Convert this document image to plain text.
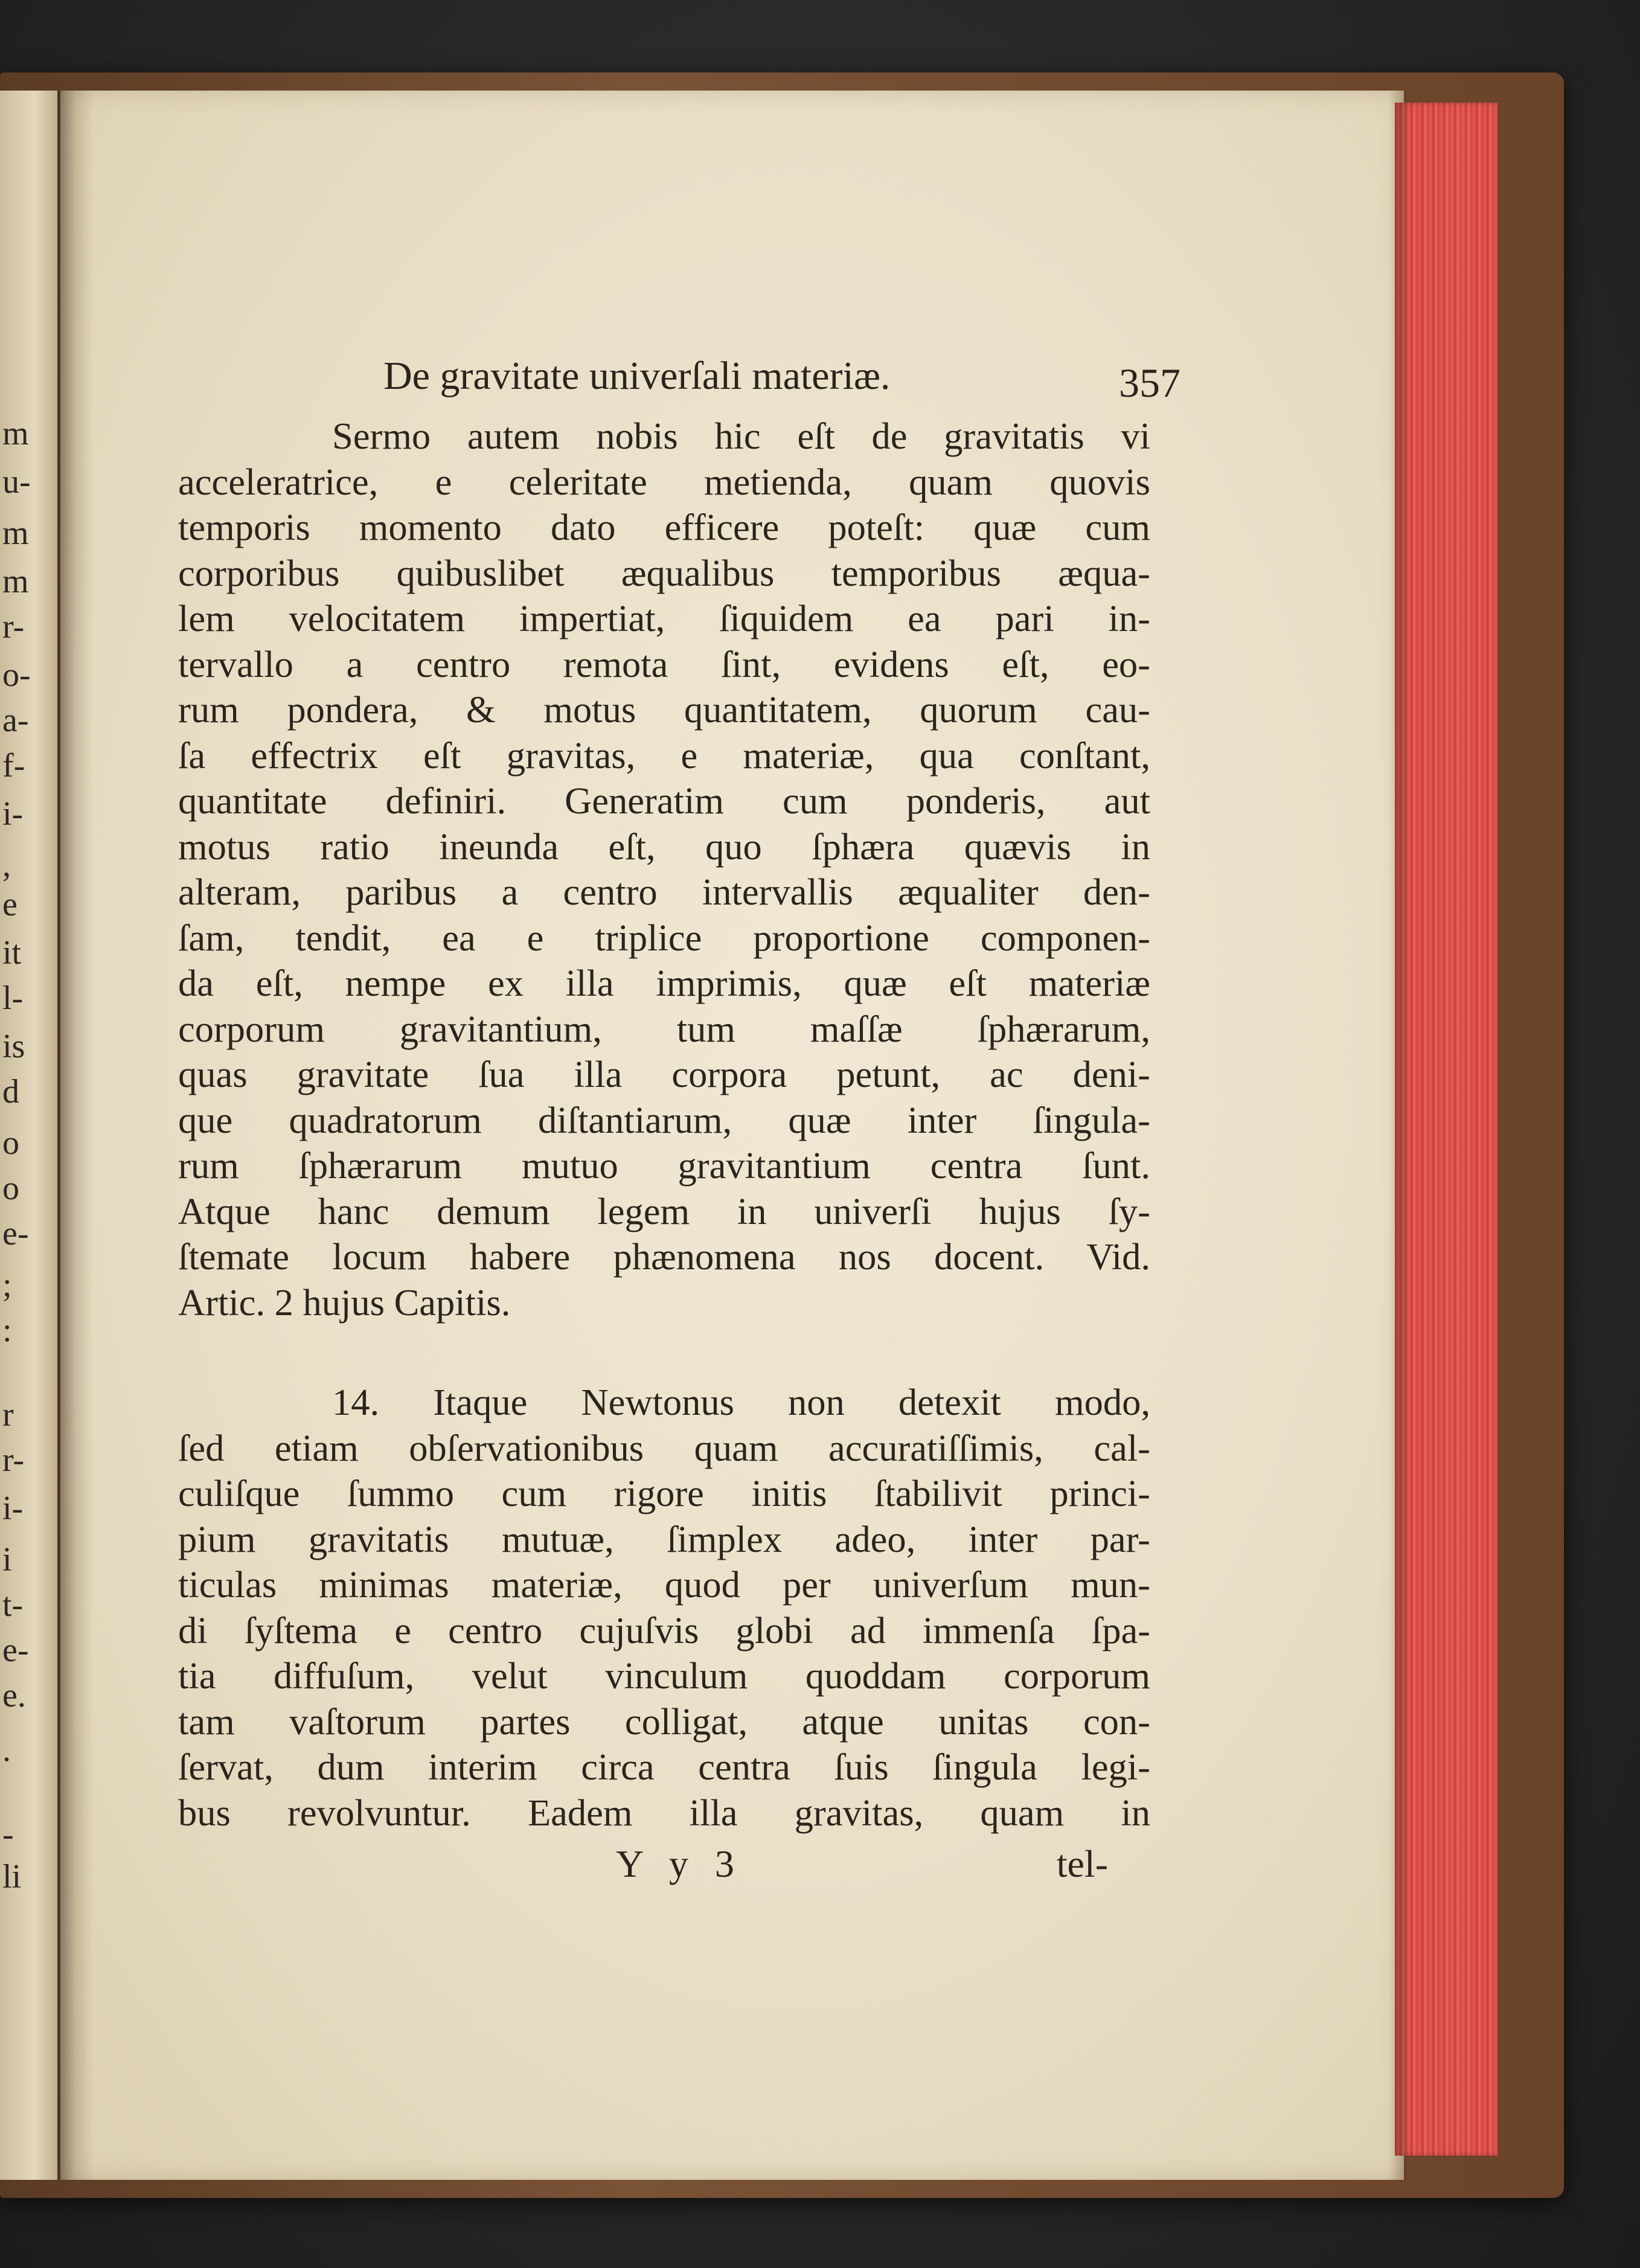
m
u-
m
m
r-
o-
a-
f-
i-
,
e
it
l-
is
d
o
o
e-
;
:
r
r-
i-
i
t-
e-
e.
.
-
li
De gravitate univerſali materiæ.	357
Sermo autem nobis hic eſt de gravitatis vi
acceleratrice, e celeritate metienda, quam quovis
temporis momento dato efficere poteſt: quæ cum
corporibus quibuslibet æqualibus temporibus æqua-
lem velocitatem impertiat, ſiquidem ea pari in-
tervallo a centro remota ſint, evidens eſt, eo-
rum pondera, & motus quantitatem, quorum cau-
ſa effectrix eſt gravitas, e materiæ, qua conſtant,
quantitate definiri. Generatim cum ponderis, aut
motus ratio ineunda eſt, quo ſphæra quævis in
alteram, paribus a centro intervallis æqualiter den-
ſam, tendit, ea e triplice proportione componen-
da eſt, nempe ex illa imprimis, quæ eſt materiæ
corporum gravitantium, tum maſſæ ſphærarum,
quas gravitate ſua illa corpora petunt, ac deni-
que quadratorum diſtantiarum, quæ inter ſingula-
rum ſphærarum mutuo gravitantium centra ſunt.
Atque hanc demum legem in univerſi hujus ſy-
ſtemate locum habere phænomena nos docent. Vid.
Artic. 2 hujus Capitis.
14. Itaque Newtonus non detexit modo,
ſed etiam obſervationibus quam accuratiſſimis, cal-
culiſque ſummo cum rigore initis ſtabilivit princi-
pium gravitatis mutuæ, ſimplex adeo, inter par-
ticulas minimas materiæ, quod per univerſum mun-
di ſyſtema e centro cujuſvis globi ad immenſa ſpa-
tia diffuſum, velut vinculum quoddam corporum
tam vaſtorum partes colligat, atque unitas con-
ſervat, dum interim circa centra ſuis ſingula legi-
bus revolvuntur. Eadem illa gravitas, quam in
Y y 3	tel-
